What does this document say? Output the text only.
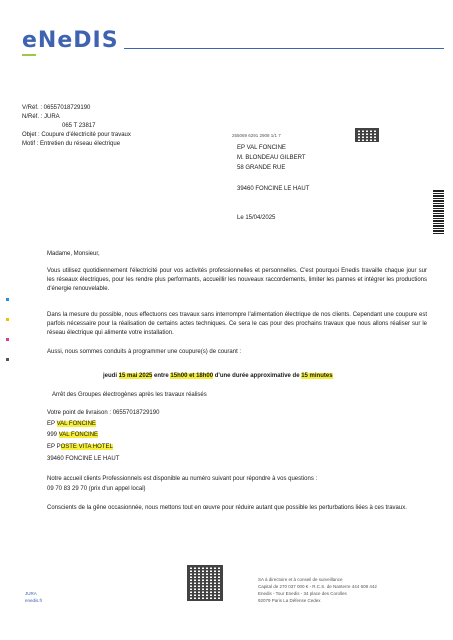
eNeDIS
V/Réf. : 06557018729190
N/Réf. : JURA
065 T 23817
Objet : Coupure d'électricité pour travaux
Motif : Entretien du réseau électrique
255069 6291 2908 1/1 7
EP VAL FONCINE
M. BLONDEAU GILBERT
58 GRANDE RUE
39460 FONCINE LE HAUT
Le 15/04/2025
Madame, Monsieur,
Vous utilisez quotidiennement l'électricité pour vos activités professionnelles et personnelles. C'est pourquoi Enedis travaille chaque jour sur les réseaux électriques, pour les rendre plus performants, accueillir les nouveaux raccordements, limiter les pannes et intégrer les productions d'énergie renouvelable.
Dans la mesure du possible, nous effectuons ces travaux sans interrompre l'alimentation électrique de nos clients. Cependant une coupure est parfois nécessaire pour la réalisation de certains actes techniques. Ce sera le cas pour des prochains travaux que nous allons réaliser sur le réseau électrique qui alimente votre installation.
Aussi, nous sommes conduits à programmer une coupure(s) de courant :
jeudi 15 mai 2025 entre 15h00 et 18h00 d'une durée approximative de 15 minutes
Arrêt des Groupes électrogènes après les travaux réalisés
Votre point de livraison : 06557018729190
EP VAL FONCINE
999 VAL FONCINE
EP POSTE VITA HOTEL
39460 FONCINE LE HAUT
Notre accueil clients Professionnels est disponible au numéro suivant pour répondre à vos questions :
09 70 83 29 70 (prix d'un appel local)
Conscients de la gêne occasionnée, nous mettons tout en œuvre pour réduire autant que possible les perturbations liées à ces travaux.
JURA
enedis.fr
SA à directoire et à conseil de surveillance
Capital de 270 037 000 € - R.C.S. de Nanterre 444 608 442
Enedis - Tour Enedis - 34 place des Corolles
92079 Paris La Défense Cedex
